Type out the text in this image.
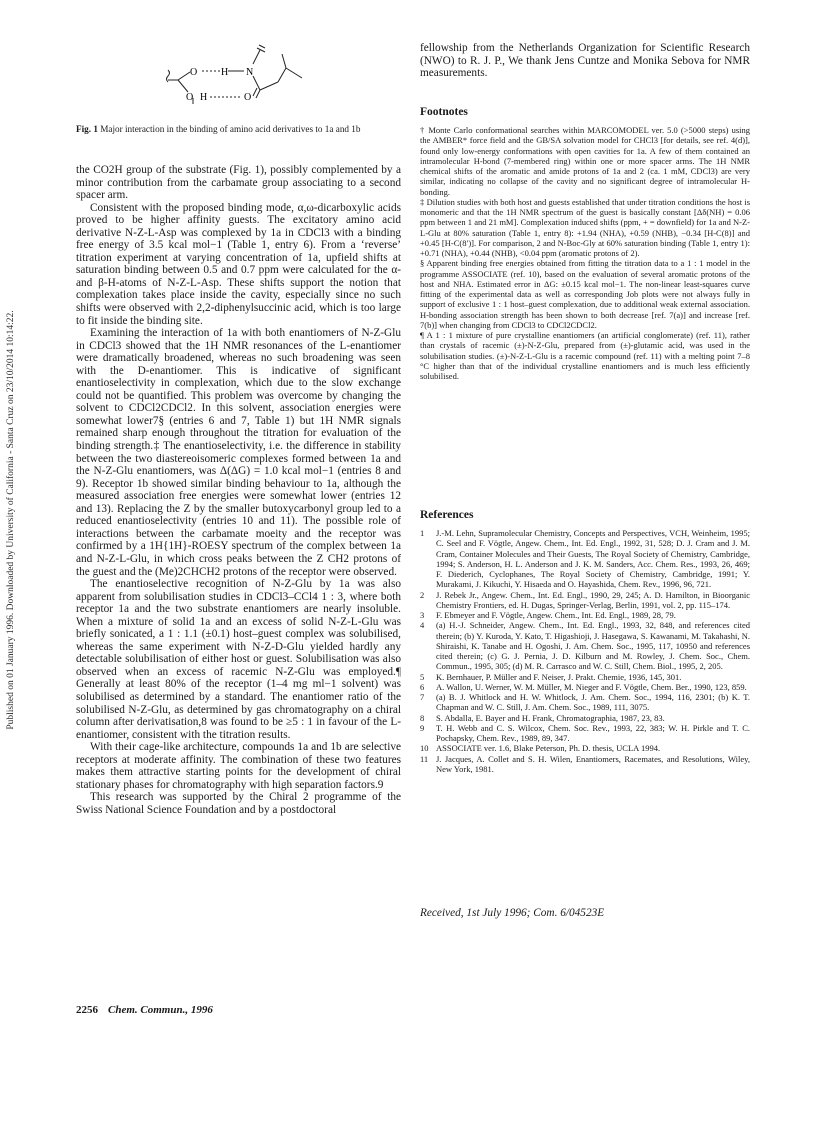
Published on 01 January 1996. Downloaded by University of California - Santa Cruz on 23/10/2014 10:14:22.
O H N
O H	O
Fig. 1 Major interaction in the binding of amino acid derivatives to 1a and 1b

the CO2H group of the substrate (Fig. 1), possibly complemented by a minor contribution from the carbamate group associating to a second spacer arm.

Consistent with the proposed binding mode, α,ω-dicarboxylic acids proved to be higher affinity guests. The excitatory amino acid derivative N-Z-L-Asp was complexed by 1a in CDCl3 with a binding free energy of 3.5 kcal mol−1 (Table 1, entry 6). From a ‘reverse’ titration experiment at varying concentration of 1a, upfield shifts at saturation binding between 0.5 and 0.7 ppm were calculated for the α- and β-H-atoms of N-Z-L-Asp. These shifts support the notion that complexation takes place inside the cavity, especially since no such shifts were observed with 2,2-diphenylsuccinic acid, which is too large to fit inside the binding site.

Examining the interaction of 1a with both enantiomers of N-Z-Glu in CDCl3 showed that the 1H NMR resonances of the L-enantiomer were dramatically broadened, whereas no such broadening was seen with the D-enantiomer. This is indicative of significant enantioselectivity in complexation, which due to the slow exchange could not be quantified. This problem was overcome by changing the solvent to CDCl2CDCl2. In this solvent, association energies were somewhat lower7§ (entries 6 and 7, Table 1) but 1H NMR signals remained sharp enough throughout the titration for evaluation of the binding strength.‡ The enantioselectivity, i.e. the difference in stability between the two diastereoisomeric complexes formed between 1a and the N-Z-Glu enantiomers, was Δ(ΔG) = 1.0 kcal mol−1 (entries 8 and 9). Receptor 1b showed similar binding behaviour to 1a, although the measured association free energies were somewhat lower (entries 12 and 13). Replacing the Z by the smaller butoxycarbonyl group led to a reduced enantioselectivity (entries 10 and 11). The possible role of interactions between the carbamate moeity and the receptor was confirmed by a 1H{1H}-ROESY spectrum of the complex between 1a and N-Z-L-Glu, in which cross peaks between the Z CH2 protons of the guest and the (Me)2CHCH2 protons of the receptor were observed.

The enantioselective recognition of N-Z-Glu by 1a was also apparent from solubilisation studies in CDCl3–CCl4 1 : 3, where both receptor 1a and the two substrate enantiomers are nearly insoluble. When a mixture of solid 1a and an excess of solid N-Z-L-Glu was briefly sonicated, a 1 : 1.1 (±0.1) host–guest complex was solubilised, whereas the same experiment with N-Z-D-Glu yielded hardly any detectable solubilisation of either host or guest. Solubilisation was also observed when an excess of racemic N-Z-Glu was employed.¶ Generally at least 80% of the receptor (1–4 mg ml−1 solvent) was solubilised as determined by a standard. The enantiomer ratio of the solubilised N-Z-Glu, as determined by gas chromatography on a chiral column after derivatisation,8 was found to be ≥5 : 1 in favour of the L-enantiomer, consistent with the titration results.

With their cage-like architecture, compounds 1a and 1b are selective receptors at moderate affinity. The combination of these two features makes them attractive starting points for the development of chiral stationary phases for chromatography with high separation factors.9

This research was supported by the Chiral 2 programme of the Swiss National Science Foundation and by a postdoctoral

fellowship from the Netherlands Organization for Scientific Research (NWO) to R. J. P., We thank Jens Cuntze and Monika Sebova for NMR measurements.
Footnotes

† Monte Carlo conformational searches within MARCOMODEL ver. 5.0 (>5000 steps) using the AMBER* force field and the GB/SA solvation model for CHCl3 [for details, see ref. 4(d)], found only low-energy conformations with open cavities for 1a. A few of them contained an intramolecular H-bond (7-membered ring) within one or more spacer arms. The 1H NMR chemical shifts of the aromatic and amide protons of 1a and 2 (ca. 1 mM, CDCl3) are very similar, indicating no collapse of the cavity and no significant degree of intramolecular H-bonding.

‡ Dilution studies with both host and guests established that under titration conditions the host is monomeric and that the 1H NMR spectrum of the guest is basically constant [Δδ(NH) = 0.06 ppm between 1 and 21 mM]. Complexation induced shifts (ppm, + = downfield) for 1a and N-Z-L-Glu at 80% saturation (Table 1, entry 8): +1.94 (NHA), +0.59 (NHB), −0.34 [H-C(8)] and +0.45 [H-C(8′)]. For comparison, 2 and N-Boc-Gly at 60% saturation binding (Table 1, entry 1): +0.71 (NHA), +0.44 (NHB), <0.04 ppm (aromatic protons of 2).

§ Apparent binding free energies obtained from fitting the titration data to a 1 : 1 model in the programme ASSOCIATE (ref. 10), based on the evaluation of several aromatic protons of the host and NHA. Estimated error in ΔG: ±0.15 kcal mol−1. The non-linear least-squares curve fitting of the experimental data as well as corresponding Job plots were not always fully in support of exclusive 1 : 1 host–guest complexation, due to additional weak external association. H-bonding association strength has been shown to both decrease [ref. 7(a)] and increase [ref. 7(b)] when changing from CDCl3 to CDCl2CDCl2.

¶ A 1 : 1 mixture of pure crystalline enantiomers (an artificial conglomerate) (ref. 11), rather than crystals of racemic (±)-N-Z-Glu, prepared from (±)-glutamic acid, was used in the solubilisation studies. (±)-N-Z-L-Glu is a racemic compound (ref. 11) with a melting point 7–8 °C higher than that of the individual crystalline enantiomers and is much less efficiently solubilised.

References
1	J.-M. Lehn, Supramolecular Chemistry, Concepts and Perspectives, VCH, Weinheim, 1995; C. Seel and F. Vögtle, Angew. Chem., Int. Ed. Engl., 1992, 31, 528; D. J. Cram and J. M. Cram, Container Molecules and Their Guests, The Royal Society of Chemistry, Cambridge, 1994; S. Anderson, H. L. Anderson and J. K. M. Sanders, Acc. Chem. Res., 1993, 26, 469; F. Diederich, Cyclophanes, The Royal Society of Chemistry, Cambridge, 1991; Y. Murakami, J. Kikuchi, Y. Hisaeda and O. Hayashida, Chem. Rev., 1996, 96, 721.
2	J. Rebek Jr., Angew. Chem., Int. Ed. Engl., 1990, 29, 245; A. D. Hamilton, in Bioorganic Chemistry Frontiers, ed. H. Dugas, Springer-Verlag, Berlin, 1991, vol. 2, pp. 115–174.
3	F. Ebmeyer and F. Vögtle, Angew. Chem., Int. Ed. Engl., 1989, 28, 79.
4	(a) H.-J. Schneider, Angew. Chem., Int. Ed. Engl., 1993, 32, 848, and references cited therein; (b) Y. Kuroda, Y. Kato, T. Higashioji, J. Hasegawa, S. Kawanami, M. Takahashi, N. Shiraishi, K. Tanabe and H. Ogoshi, J. Am. Chem. Soc., 1995, 117, 10950 and references cited therein; (c) G. J. Pernia, J. D. Kilburn and M. Rowley, J. Chem. Soc., Chem. Commun., 1995, 305; (d) M. R. Carrasco and W. C. Still, Chem. Biol., 1995, 2, 205.
5	K. Bernhauer, P. Müller and F. Neiser, J. Prakt. Chemie, 1936, 145, 301.
6	A. Wallon, U. Werner, W. M. Müller, M. Nieger and F. Vögtle, Chem. Ber., 1990, 123, 859.
7	(a) B. J. Whitlock and H. W. Whitlock, J. Am. Chem. Soc., 1994, 116, 2301; (b) K. T. Chapman and W. C. Still, J. Am. Chem. Soc., 1989, 111, 3075.
8	S. Abdalla, E. Bayer and H. Frank, Chromatographia, 1987, 23, 83.
9	T. H. Webb and C. S. Wilcox, Chem. Soc. Rev., 1993, 22, 383; W. H. Pirkle and T. C. Pochapsky, Chem. Rev., 1989, 89, 347.
10 ASSOCIATE ver. 1.6, Blake Peterson, Ph. D. thesis, UCLA 1994.
11 J. Jacques, A. Collet and S. H. Wilen, Enantiomers, Racemates, and Resolutions, Wiley, New York, 1981.
Received, 1st July 1996; Com. 6/04523E
2256 Chem. Commun., 1996
